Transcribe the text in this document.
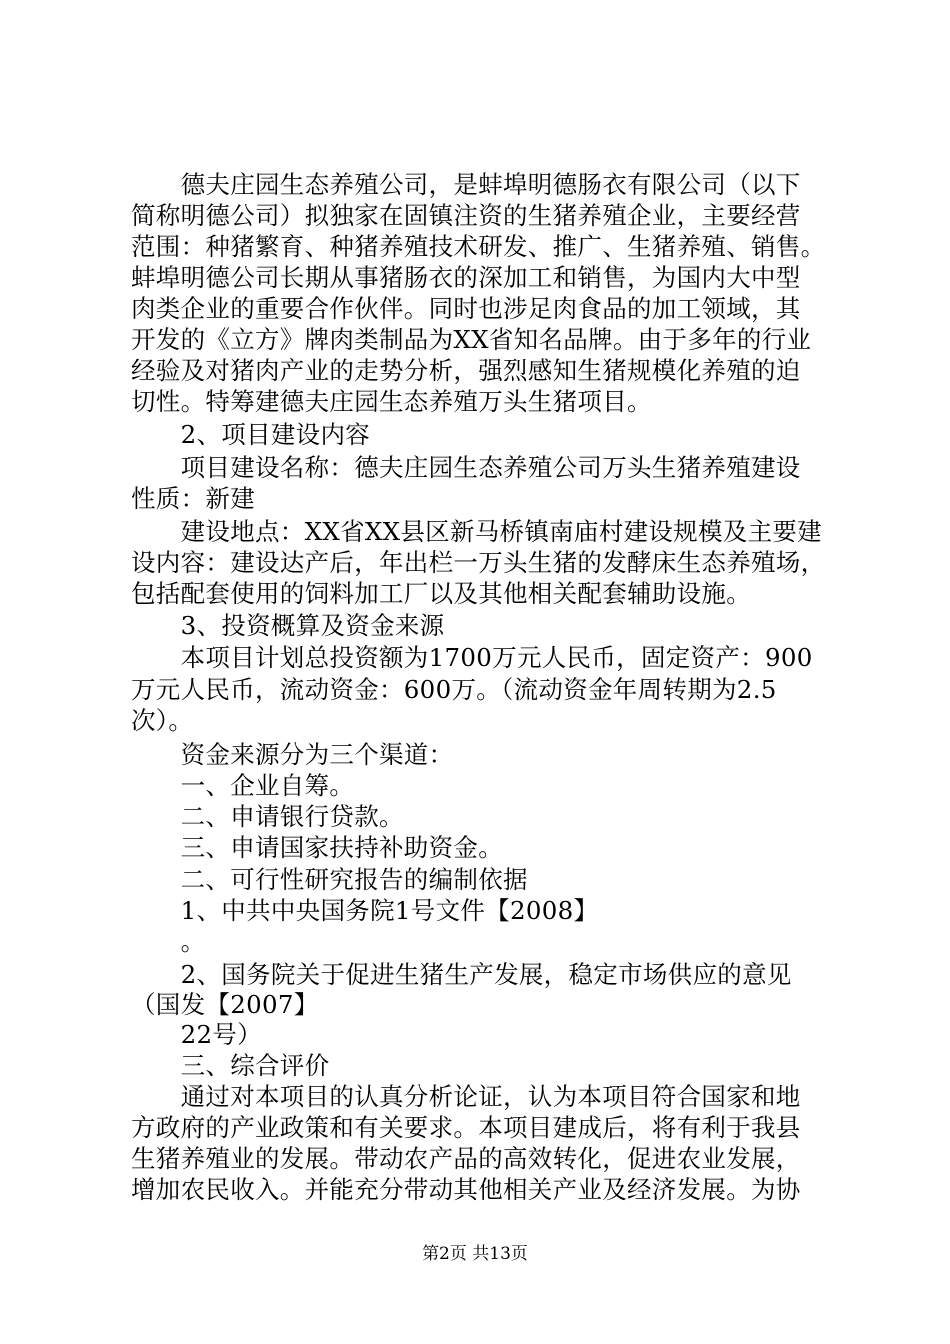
　　德夫庄园生态养殖公司，是蚌埠明德肠衣有限公司（以下
简称明德公司）拟独家在固镇注资的生猪养殖企业，主要经营
范围：种猪繁育、种猪养殖技术研发、推广、生猪养殖、销售。
蚌埠明德公司长期从事猪肠衣的深加工和销售，为国内大中型
肉类企业的重要合作伙伴。同时也涉足肉食品的加工领域，其
开发的《立方》牌肉类制品为XX省知名品牌。由于多年的行业
经验及对猪肉产业的走势分析，强烈感知生猪规模化养殖的迫
切性。特筹建德夫庄园生态养殖万头生猪项目。
　　2、项目建设内容
　　项目建设名称：德夫庄园生态养殖公司万头生猪养殖建设
性质：新建
　　建设地点：XX省XX县区新马桥镇南庙村建设规模及主要建
设内容：建设达产后，年出栏一万头生猪的发酵床生态养殖场，
包括配套使用的饲料加工厂以及其他相关配套辅助设施。
　　3、投资概算及资金来源
　　本项目计划总投资额为1700万元人民币，固定资产：900
万元人民币，流动资金：600万。（流动资金年周转期为2.5
次）。
　　资金来源分为三个渠道：
　　一、企业自筹。
　　二、申请银行贷款。
　　三、申请国家扶持补助资金。
　　二、可行性研究报告的编制依据
　　1、中共中央国务院1号文件【2008】
　　。
　　2、国务院关于促进生猪生产发展，稳定市场供应的意见
（国发【2007】
　　22号）
　　三、综合评价
　　通过对本项目的认真分析论证，认为本项目符合国家和地
方政府的产业政策和有关要求。本项目建成后，将有利于我县
生猪养殖业的发展。带动农产品的高效转化，促进农业发展，
增加农民收入。并能充分带动其他相关产业及经济发展。为协
第2页 共13页
